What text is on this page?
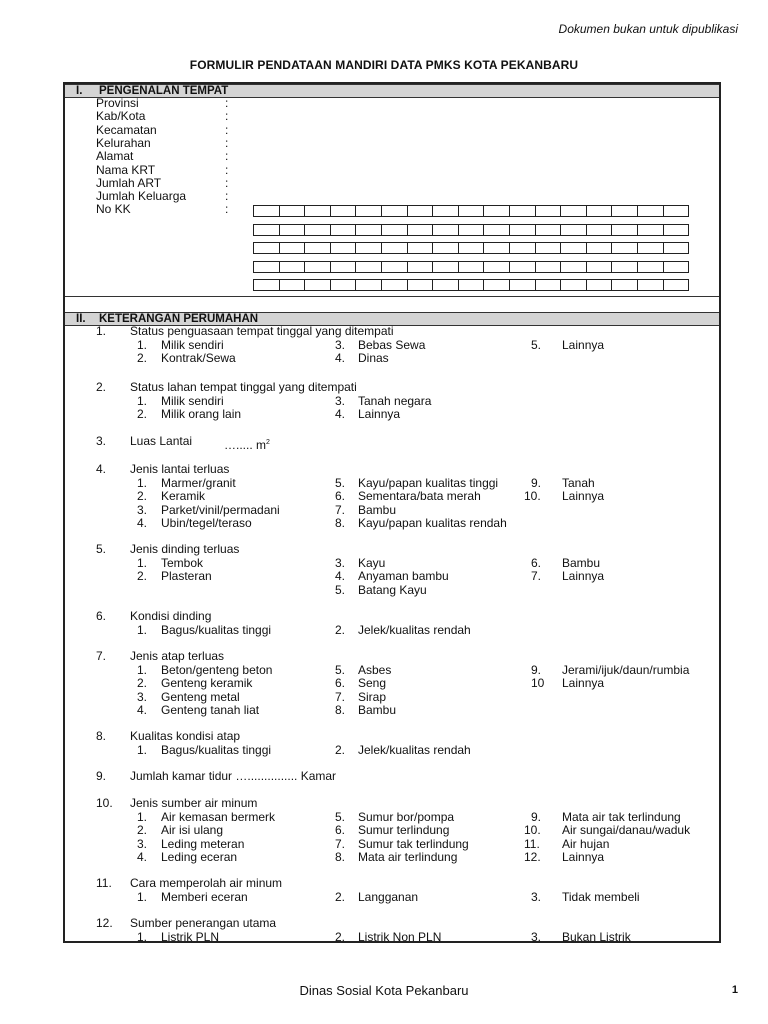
Dokumen bukan untuk dipublikasi
FORMULIR PENDATAAN MANDIRI DATA PMKS KOTA PEKANBARU
I. PENGENALAN TEMPAT
Provinsi	:
Kab/Kota	:
Kecamatan	:
Kelurahan	:
Alamat	:
Nama KRT	:
Jumlah ART	:
Jumlah Keluarga	:
No KK	:
II. KETERANGAN PERUMAHAN
1. Status penguasaan tempat tinggal yang ditempati
1. Milik sendiri
2. Kontrak/Sewa
3. Bebas Sewa
4. Dinas
5. Lainnya
2. Status lahan tempat tinggal yang ditempati
1. Milik sendiri
2. Milik orang lain
3. Tanah negara
4. Lainnya
3. Luas Lantai	…..... $m^2$
4. Jenis lantai terluas
1. Marmer/granit
2. Keramik
3. Parket/vinil/permadani
4. Ubin/tegel/teraso
5. Kayu/papan kualitas tinggi
6. Sementara/bata merah
7. Bambu
8. Kayu/papan kualitas rendah
9. Tanah
10. Lainnya
5. Jenis dinding terluas
1. Tembok
2. Plasteran
3. Kayu
4. Anyaman bambu
5. Batang Kayu
6. Bambu
7. Lainnya
6. Kondisi dinding
1. Bagus/kualitas tinggi	2. Jelek/kualitas rendah
7. Jenis atap terluas
1. Beton/genteng beton
2. Genteng keramik
3. Genteng metal
4. Genteng tanah liat
5. Asbes
6. Seng
7. Sirap
8. Bambu
9. Jerami/ijuk/daun/rumbia
10 Lainnya
8. Kualitas kondisi atap
1. Bagus/kualitas tinggi	2. Jelek/kualitas rendah
9. Jumlah kamar tidur …............... Kamar
10. Jenis sumber air minum
1. Air kemasan bermerk
2. Air isi ulang
3. Leding meteran
4. Leding eceran
5. Sumur bor/pompa
6. Sumur terlindung
7. Sumur tak terlindung
8. Mata air terlindung
9. Mata air tak terlindung
10. Air sungai/danau/waduk
11. Air hujan
12. Lainnya
11. Cara memperolah air minum
1. Memberi eceran	2. Langganan	3. Tidak membeli
12. Sumber penerangan utama
1. Listrik PLN	2. Listrik Non PLN	3. Bukan Listrik
Dinas Sosial Kota Pekanbaru	1
